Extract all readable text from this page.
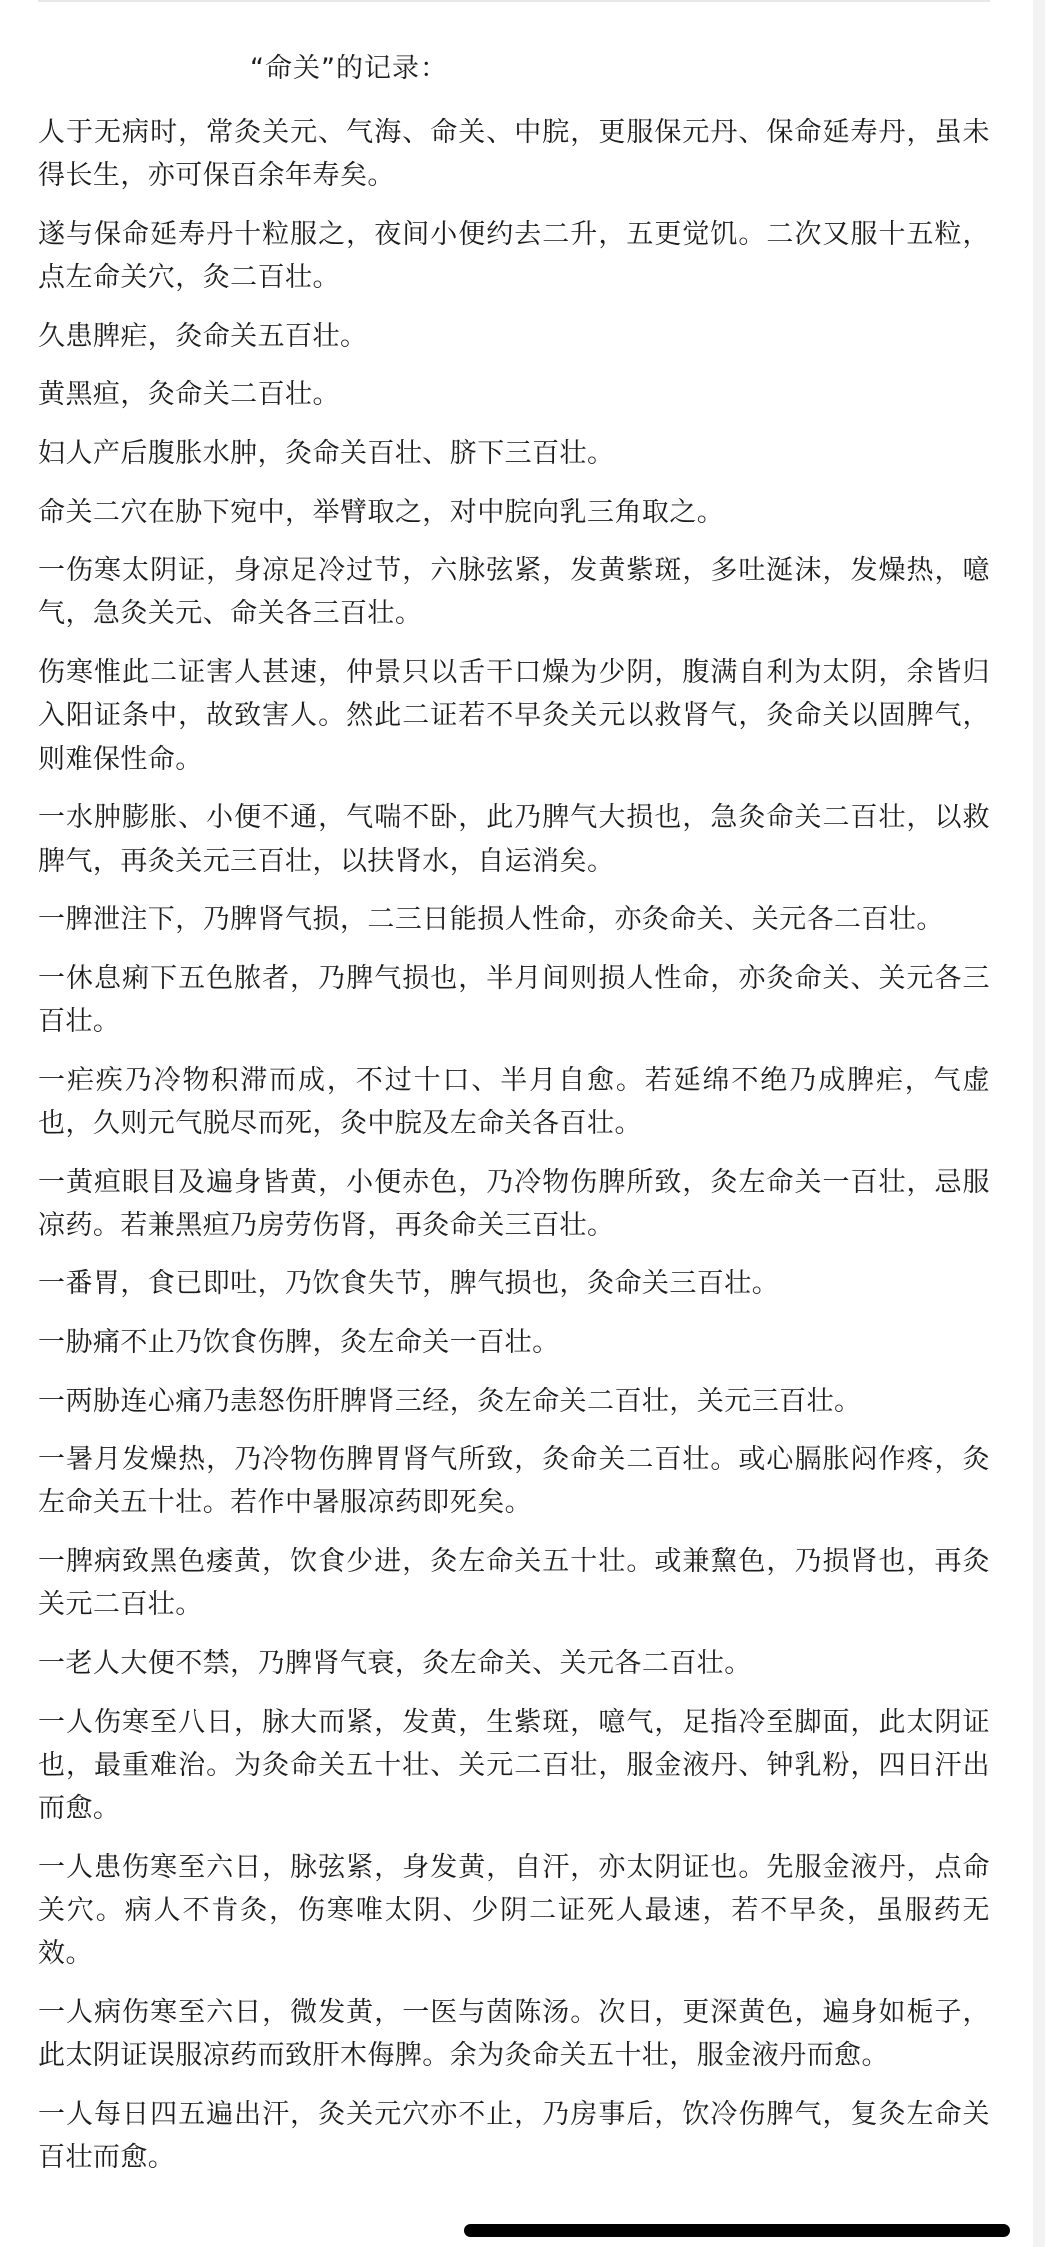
“命关”的记录：

人于无病时，常灸关元、气海、命关、中脘，更服保元丹、保命延寿丹，虽未得长生，亦可保百余年寿矣。

遂与保命延寿丹十粒服之，夜间小便约去二升，五更觉饥。二次又服十五粒，点左命关穴，灸二百壮。

久患脾疟，灸命关五百壮。

黄黑疸，灸命关二百壮。

妇人产后腹胀水肿，灸命关百壮、脐下三百壮。

命关二穴在胁下宛中，举臂取之，对中脘向乳三角取之。

一伤寒太阴证，身凉足冷过节，六脉弦紧，发黄紫斑，多吐涎沫，发燥热，噫气，急灸关元、命关各三百壮。

伤寒惟此二证害人甚速，仲景只以舌干口燥为少阴，腹满自利为太阴，余皆归入阳证条中，故致害人。然此二证若不早灸关元以救肾气，灸命关以固脾气，则难保性命。

一水肿膨胀、小便不通，气喘不卧，此乃脾气大损也，急灸命关二百壮，以救脾气，再灸关元三百壮，以扶肾水，自运消矣。

一脾泄注下，乃脾肾气损，二三日能损人性命，亦灸命关、关元各二百壮。

一休息痢下五色脓者，乃脾气损也，半月间则损人性命，亦灸命关、关元各三百壮。

一疟疾乃冷物积滞而成，不过十口、半月自愈。若延绵不绝乃成脾疟，气虚也，久则元气脱尽而死，灸中脘及左命关各百壮。

一黄疸眼目及遍身皆黄，小便赤色，乃冷物伤脾所致，灸左命关一百壮，忌服凉药。若兼黑疸乃房劳伤肾，再灸命关三百壮。

一番胃，食已即吐，乃饮食失节，脾气损也，灸命关三百壮。

一胁痛不止乃饮食伤脾，灸左命关一百壮。

一两胁连心痛乃恚怒伤肝脾肾三经，灸左命关二百壮，关元三百壮。

一暑月发燥热，乃冷物伤脾胃肾气所致，灸命关二百壮。或心膈胀闷作疼，灸左命关五十壮。若作中暑服凉药即死矣。

一脾病致黑色痿黄，饮食少进，灸左命关五十壮。或兼黧色，乃损肾也，再灸关元二百壮。

一老人大便不禁，乃脾肾气衰，灸左命关、关元各二百壮。

一人伤寒至八日，脉大而紧，发黄，生紫斑，噫气，足指冷至脚面，此太阴证也，最重难治。为灸命关五十壮、关元二百壮，服金液丹、钟乳粉，四日汗出而愈。

一人患伤寒至六日，脉弦紧，身发黄，自汗，亦太阴证也。先服金液丹，点命关穴。病人不肯灸，伤寒唯太阴、少阴二证死人最速，若不早灸，虽服药无效。

一人病伤寒至六日，微发黄，一医与茵陈汤。次日，更深黄色，遍身如栀子，此太阴证误服凉药而致肝木侮脾。余为灸命关五十壮，服金液丹而愈。

一人每日四五遍出汗，灸关元穴亦不止，乃房事后，饮冷伤脾气，复灸左命关百壮而愈。
